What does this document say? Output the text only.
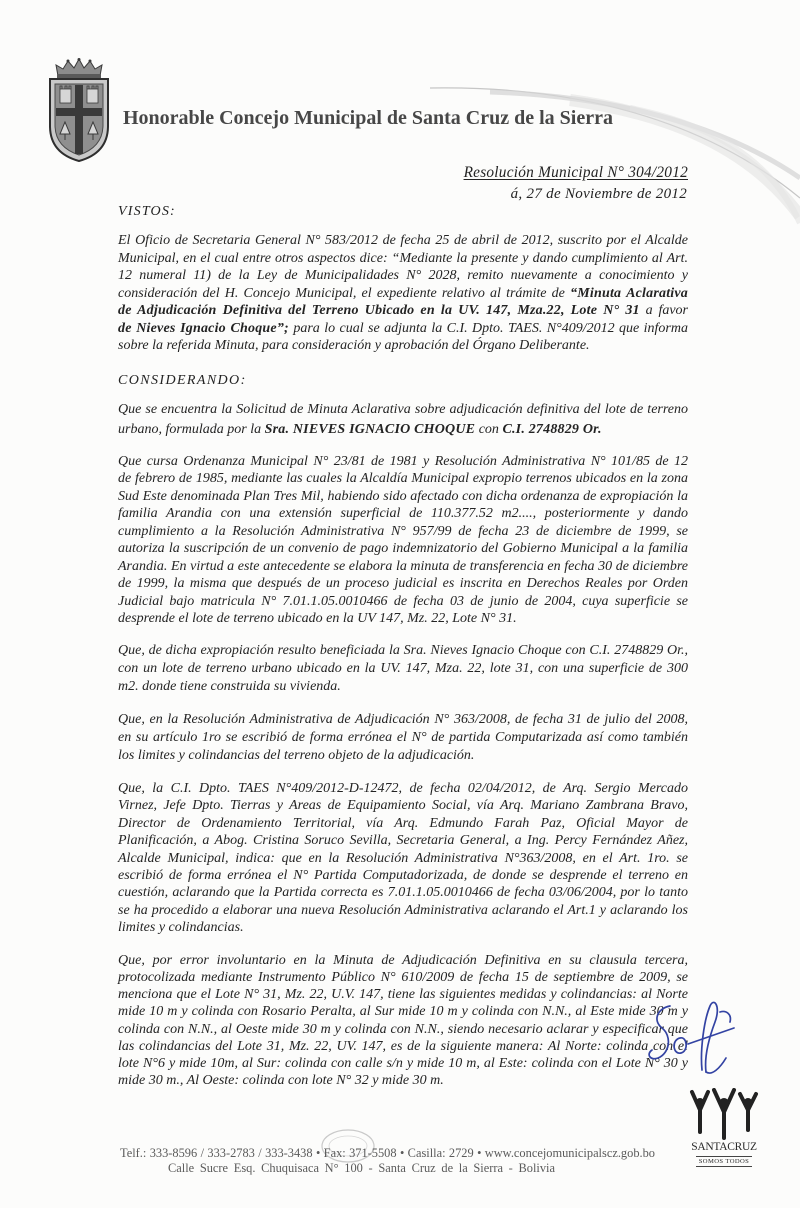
Honorable Concejo Municipal de Santa Cruz de la Sierra
Resolución Municipal N° 304/2012
á, 27 de Noviembre de 2012
VISTOS:
El Oficio de Secretaria General N° 583/2012 de fecha 25 de abril de 2012, suscrito por el Alcalde
Municipal, en el cual entre otros aspectos dice: “Mediante la presente y dando cumplimiento al Art.
12 numeral 11) de la Ley de Municipalidades N° 2028, remito nuevamente a conocimiento y
consideración del H. Concejo Municipal, el expediente relativo al trámite de “Minuta Aclarativa
de Adjudicación Definitiva del Terreno Ubicado en la UV. 147, Mza.22, Lote N° 31 a favor
de Nieves Ignacio Choque”; para lo cual se adjunta la C.I. Dpto. TAES. N°409/2012 que informa
sobre la referida Minuta, para consideración y aprobación del Órgano Deliberante.
CONSIDERANDO:
Que se encuentra la Solicitud de Minuta Aclarativa sobre adjudicación definitiva del lote de terreno
urbano, formulada por la Sra. NIEVES IGNACIO CHOQUE con C.I. 2748829 Or.
Que cursa Ordenanza Municipal N° 23/81 de 1981 y Resolución Administrativa N° 101/85 de 12
de febrero de 1985, mediante las cuales la Alcaldía Municipal expropio terrenos ubicados en la zona
Sud Este denominada Plan Tres Mil, habiendo sido afectado con dicha ordenanza de expropiación la
familia Arandia con una extensión superficial de 110.377.52 m2...., posteriormente y dando
cumplimiento a la Resolución Administrativa N° 957/99 de fecha 23 de diciembre de 1999, se
autoriza la suscripción de un convenio de pago indemnizatorio del Gobierno Municipal a la familia
Arandia. En virtud a este antecedente se elabora la minuta de transferencia en fecha 30 de diciembre
de 1999, la misma que después de un proceso judicial es inscrita en Derechos Reales por Orden
Judicial bajo matricula N° 7.01.1.05.0010466 de fecha 03 de junio de 2004, cuya superficie se
desprende el lote de terreno ubicado en la UV 147, Mz. 22, Lote N° 31.
Que, de dicha expropiación resulto beneficiada la Sra. Nieves Ignacio Choque con C.I. 2748829 Or.,
con un lote de terreno urbano ubicado en la UV. 147, Mza. 22, lote 31, con una superficie de 300
m2. donde tiene construida su vivienda.
Que, en la Resolución Administrativa de Adjudicación N° 363/2008, de fecha 31 de julio del 2008,
en su artículo 1ro se escribió de forma errónea el N° de partida Computarizada así como también
los limites y colindancias del terreno objeto de la adjudicación.
Que, la C.I. Dpto. TAES N°409/2012-D-12472, de fecha 02/04/2012, de Arq. Sergio Mercado
Virnez, Jefe Dpto. Tierras y Areas de Equipamiento Social, vía Arq. Mariano Zambrana Bravo,
Director de Ordenamiento Territorial, vía Arq. Edmundo Farah Paz, Oficial Mayor de
Planificación, a Abog. Cristina Soruco Sevilla, Secretaria General, a Ing. Percy Fernández Añez,
Alcalde Municipal, indica: que en la Resolución Administrativa N°363/2008, en el Art. 1ro. se
escribió de forma errónea el N° Partida Computadorizada, de donde se desprende el terreno en
cuestión, aclarando que la Partida correcta es 7.01.1.05.0010466 de fecha 03/06/2004, por lo tanto
se ha procedido a elaborar una nueva Resolución Administrativa aclarando el Art.1 y aclarando los
limites y colindancias.
Que, por error involuntario en la Minuta de Adjudicación Definitiva en su clausula tercera,
protocolizada mediante Instrumento Público N° 610/2009 de fecha 15 de septiembre de 2009, se
menciona que el Lote N° 31, Mz. 22, U.V. 147, tiene las siguientes medidas y colindancias: al Norte
mide 10 m y colinda con Rosario Peralta, al Sur mide 10 m y colinda con N.N., al Este mide 30 m y
colinda con N.N., al Oeste mide 30 m y colinda con N.N., siendo necesario aclarar y especificar que
las colindancias del Lote 31, Mz. 22, UV. 147, es de la siguiente manera: Al Norte: colinda con el
lote N°6 y mide 10m, al Sur: colinda con calle s/n y mide 10 m, al Este: colinda con el Lote N° 30 y
mide 30 m., Al Oeste: colinda con lote N° 32 y mide 30 m.
Telf.: 333-8596 / 333-2783 / 333-3438 • Fax: 371-5508 • Casilla: 2729 • www.concejomunicipalscz.gob.bo
Calle Sucre Esq. Chuquisaca N° 100 - Santa Cruz de la Sierra - Bolivia
SANTACRUZ
SOMOS TODOS
